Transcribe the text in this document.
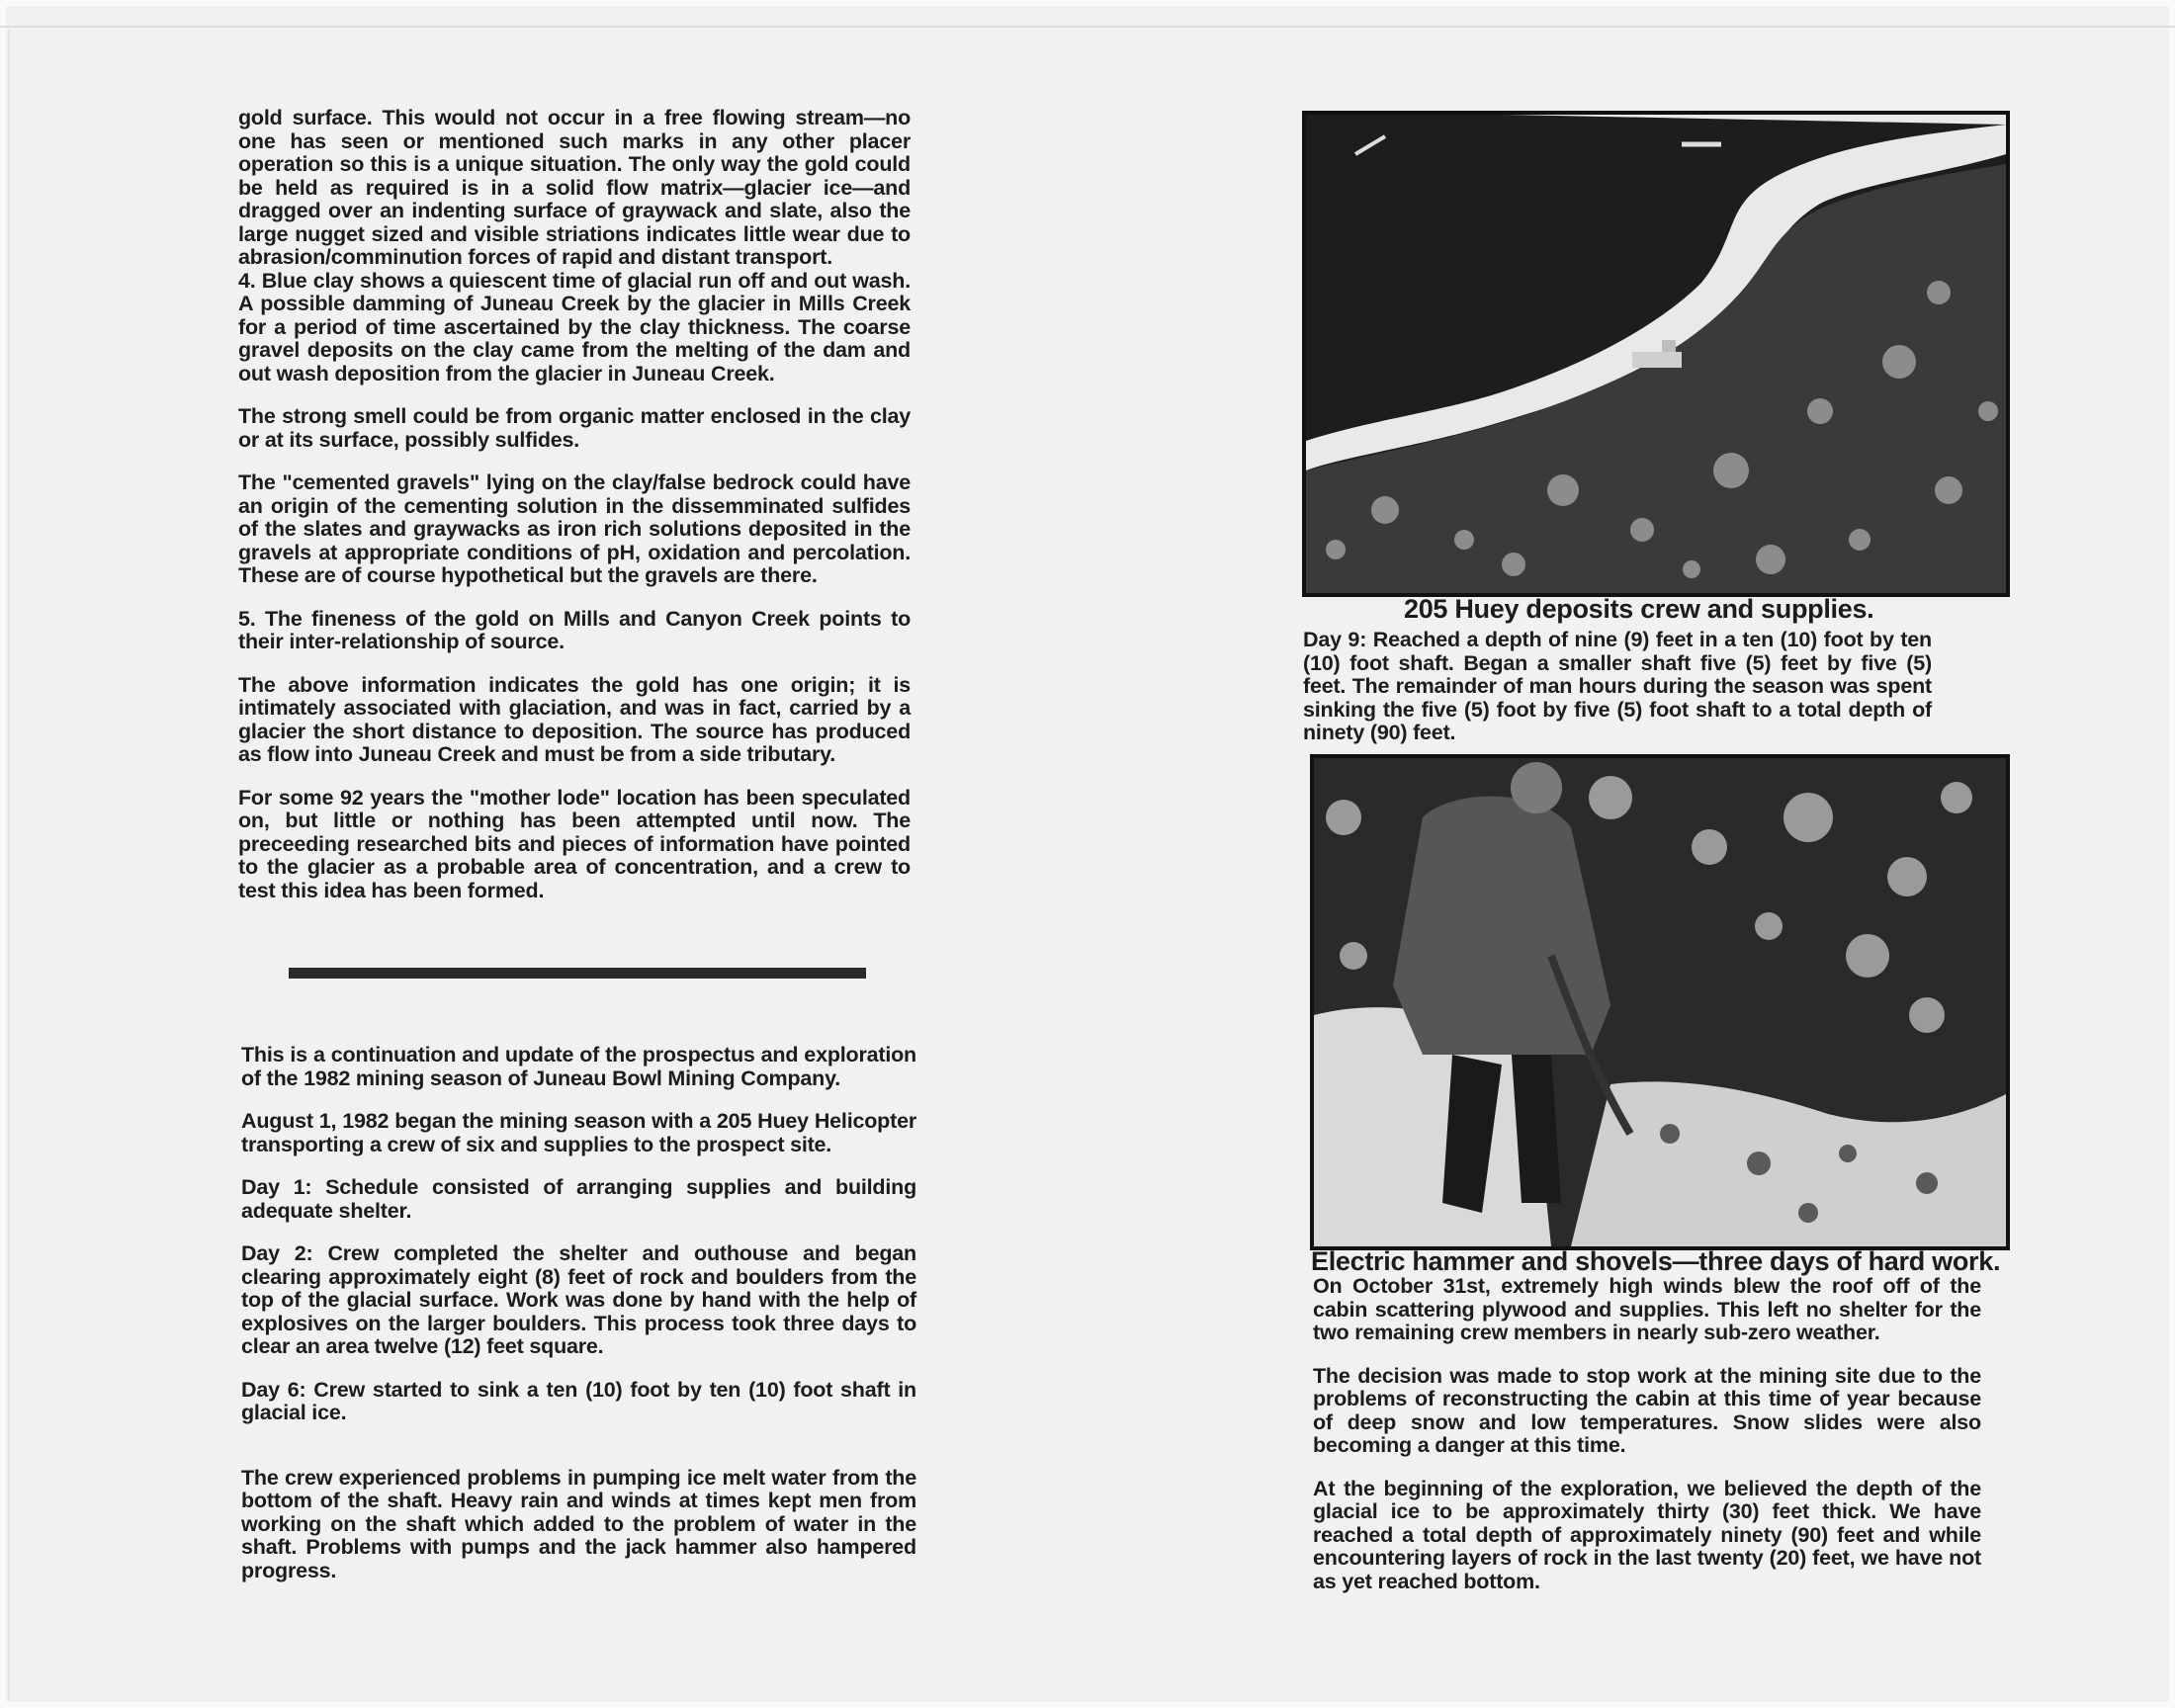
gold surface. This would not occur in a free flowing stream—no one has seen or mentioned such marks in any other placer operation so this is a unique situation. The only way the gold could be held as required is in a solid flow matrix—glacier ice—and dragged over an indenting surface of graywack and slate, also the large nugget sized and visible striations indicates little wear due to abrasion/comminution forces of rapid and distant transport.
4. Blue clay shows a quiescent time of glacial run off and out wash. A possible damming of Juneau Creek by the glacier in Mills Creek for a period of time ascertained by the clay thickness. The coarse gravel deposits on the clay came from the melting of the dam and out wash deposition from the glacier in Juneau Creek.

The strong smell could be from organic matter enclosed in the clay or at its surface, possibly sulfides.

The "cemented gravels" lying on the clay/false bedrock could have an origin of the cementing solution in the dissemminated sulfides of the slates and graywacks as iron rich solutions deposited in the gravels at appropriate conditions of pH, oxidation and percolation. These are of course hypothetical but the gravels are there.

5. The fineness of the gold on Mills and Canyon Creek points to their inter-relationship of source.

The above information indicates the gold has one origin; it is intimately associated with glaciation, and was in fact, carried by a glacier the short distance to deposition. The source has produced as flow into Juneau Creek and must be from a side tributary.

For some 92 years the "mother lode" location has been speculated on, but little or nothing has been attempted until now. The preceeding researched bits and pieces of information have pointed to the glacier as a probable area of concentration, and a crew to test this idea has been formed.

This is a continuation and update of the prospectus and exploration of the 1982 mining season of Juneau Bowl Mining Company.

August 1, 1982 began the mining season with a 205 Huey Helicopter transporting a crew of six and supplies to the prospect site.

Day 1: Schedule consisted of arranging supplies and building adequate shelter.

Day 2: Crew completed the shelter and outhouse and began clearing approximately eight (8) feet of rock and boulders from the top of the glacial surface. Work was done by hand with the help of explosives on the larger boulders. This process took three days to clear an area twelve (12) feet square.

Day 6: Crew started to sink a ten (10) foot by ten (10) foot shaft in glacial ice.

The crew experienced problems in pumping ice melt water from the bottom of the shaft. Heavy rain and winds at times kept men from working on the shaft which added to the problem of water in the shaft. Problems with pumps and the jack hammer also hampered progress.

205 Huey deposits crew and supplies.

Day 9: Reached a depth of nine (9) feet in a ten (10) foot by ten (10) foot shaft. Began a smaller shaft five (5) feet by five (5) feet. The remainder of man hours during the season was spent sinking the five (5) foot by five (5) foot shaft to a total depth of ninety (90) feet.

Electric hammer and shovels—three days of hard work.

On October 31st, extremely high winds blew the roof off of the cabin scattering plywood and supplies. This left no shelter for the two remaining crew members in nearly sub-zero weather.

The decision was made to stop work at the mining site due to the problems of reconstructing the cabin at this time of year because of deep snow and low temperatures. Snow slides were also becoming a danger at this time.

At the beginning of the exploration, we believed the depth of the glacial ice to be approximately thirty (30) feet thick. We have reached a total depth of approximately ninety (90) feet and while encountering layers of rock in the last twenty (20) feet, we have not as yet reached bottom.
